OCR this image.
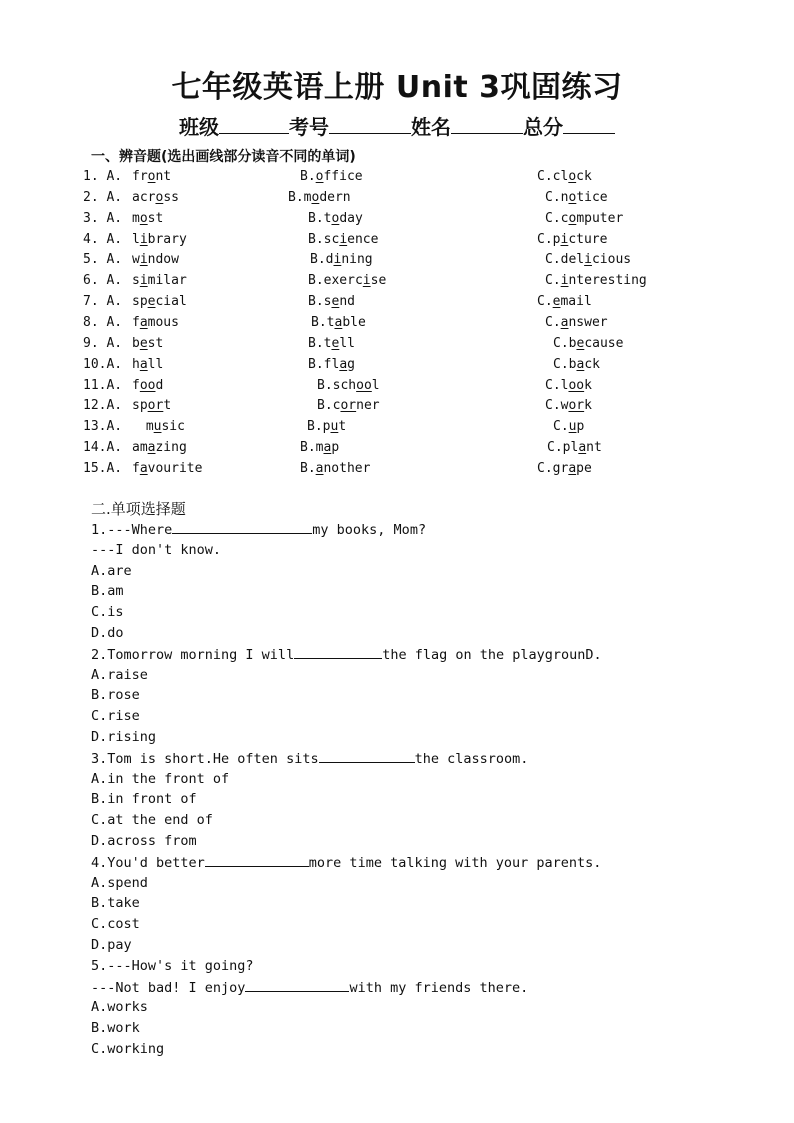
七年级英语上册 Unit 3巩固练习
班级	考号	姓名	总分
一、辨音题(选出画线部分读音不同的单词)
1. A. front	B.office	C.clock
2. A. across	B.modern	C.notice
3. A. most	B.today	C.computer
4. A. library	B.science	C.picture
5. A. window	B.dining	C.delicious
6. A. similar	B.exercise	C.interesting
7. A. special	B.send	C.email
8. A. famous	B.table	C.answer
9. A. best	B.tell	C.because
10.A. hall	B.flag	C.back
11.A. food	B.school	C.look
12.A. sport	B.corner	C.work
13.A. music	B.put	C.up
14.A. amazing	B.map	C.plant
15.A. favourite	B.another	C.grape
二.单项选择题
1.---Where	my books, Mom?
---I don't know.
A.are
B.am
C.is
D.do
2.Tomorrow morning I will	the flag on the playgrounD.
A.raise
B.rose
C.rise
D.rising
3.Tom is short.He often sits	the classroom.
A.in the front of
B.in front of
C.at the end of
D.across from
4.You'd better	more time talking with your parents.
A.spend
B.take
C.cost
D.pay
5.---How's it going?
---Not bad! I enjoy	with my friends there.
A.works
B.work
C.working
